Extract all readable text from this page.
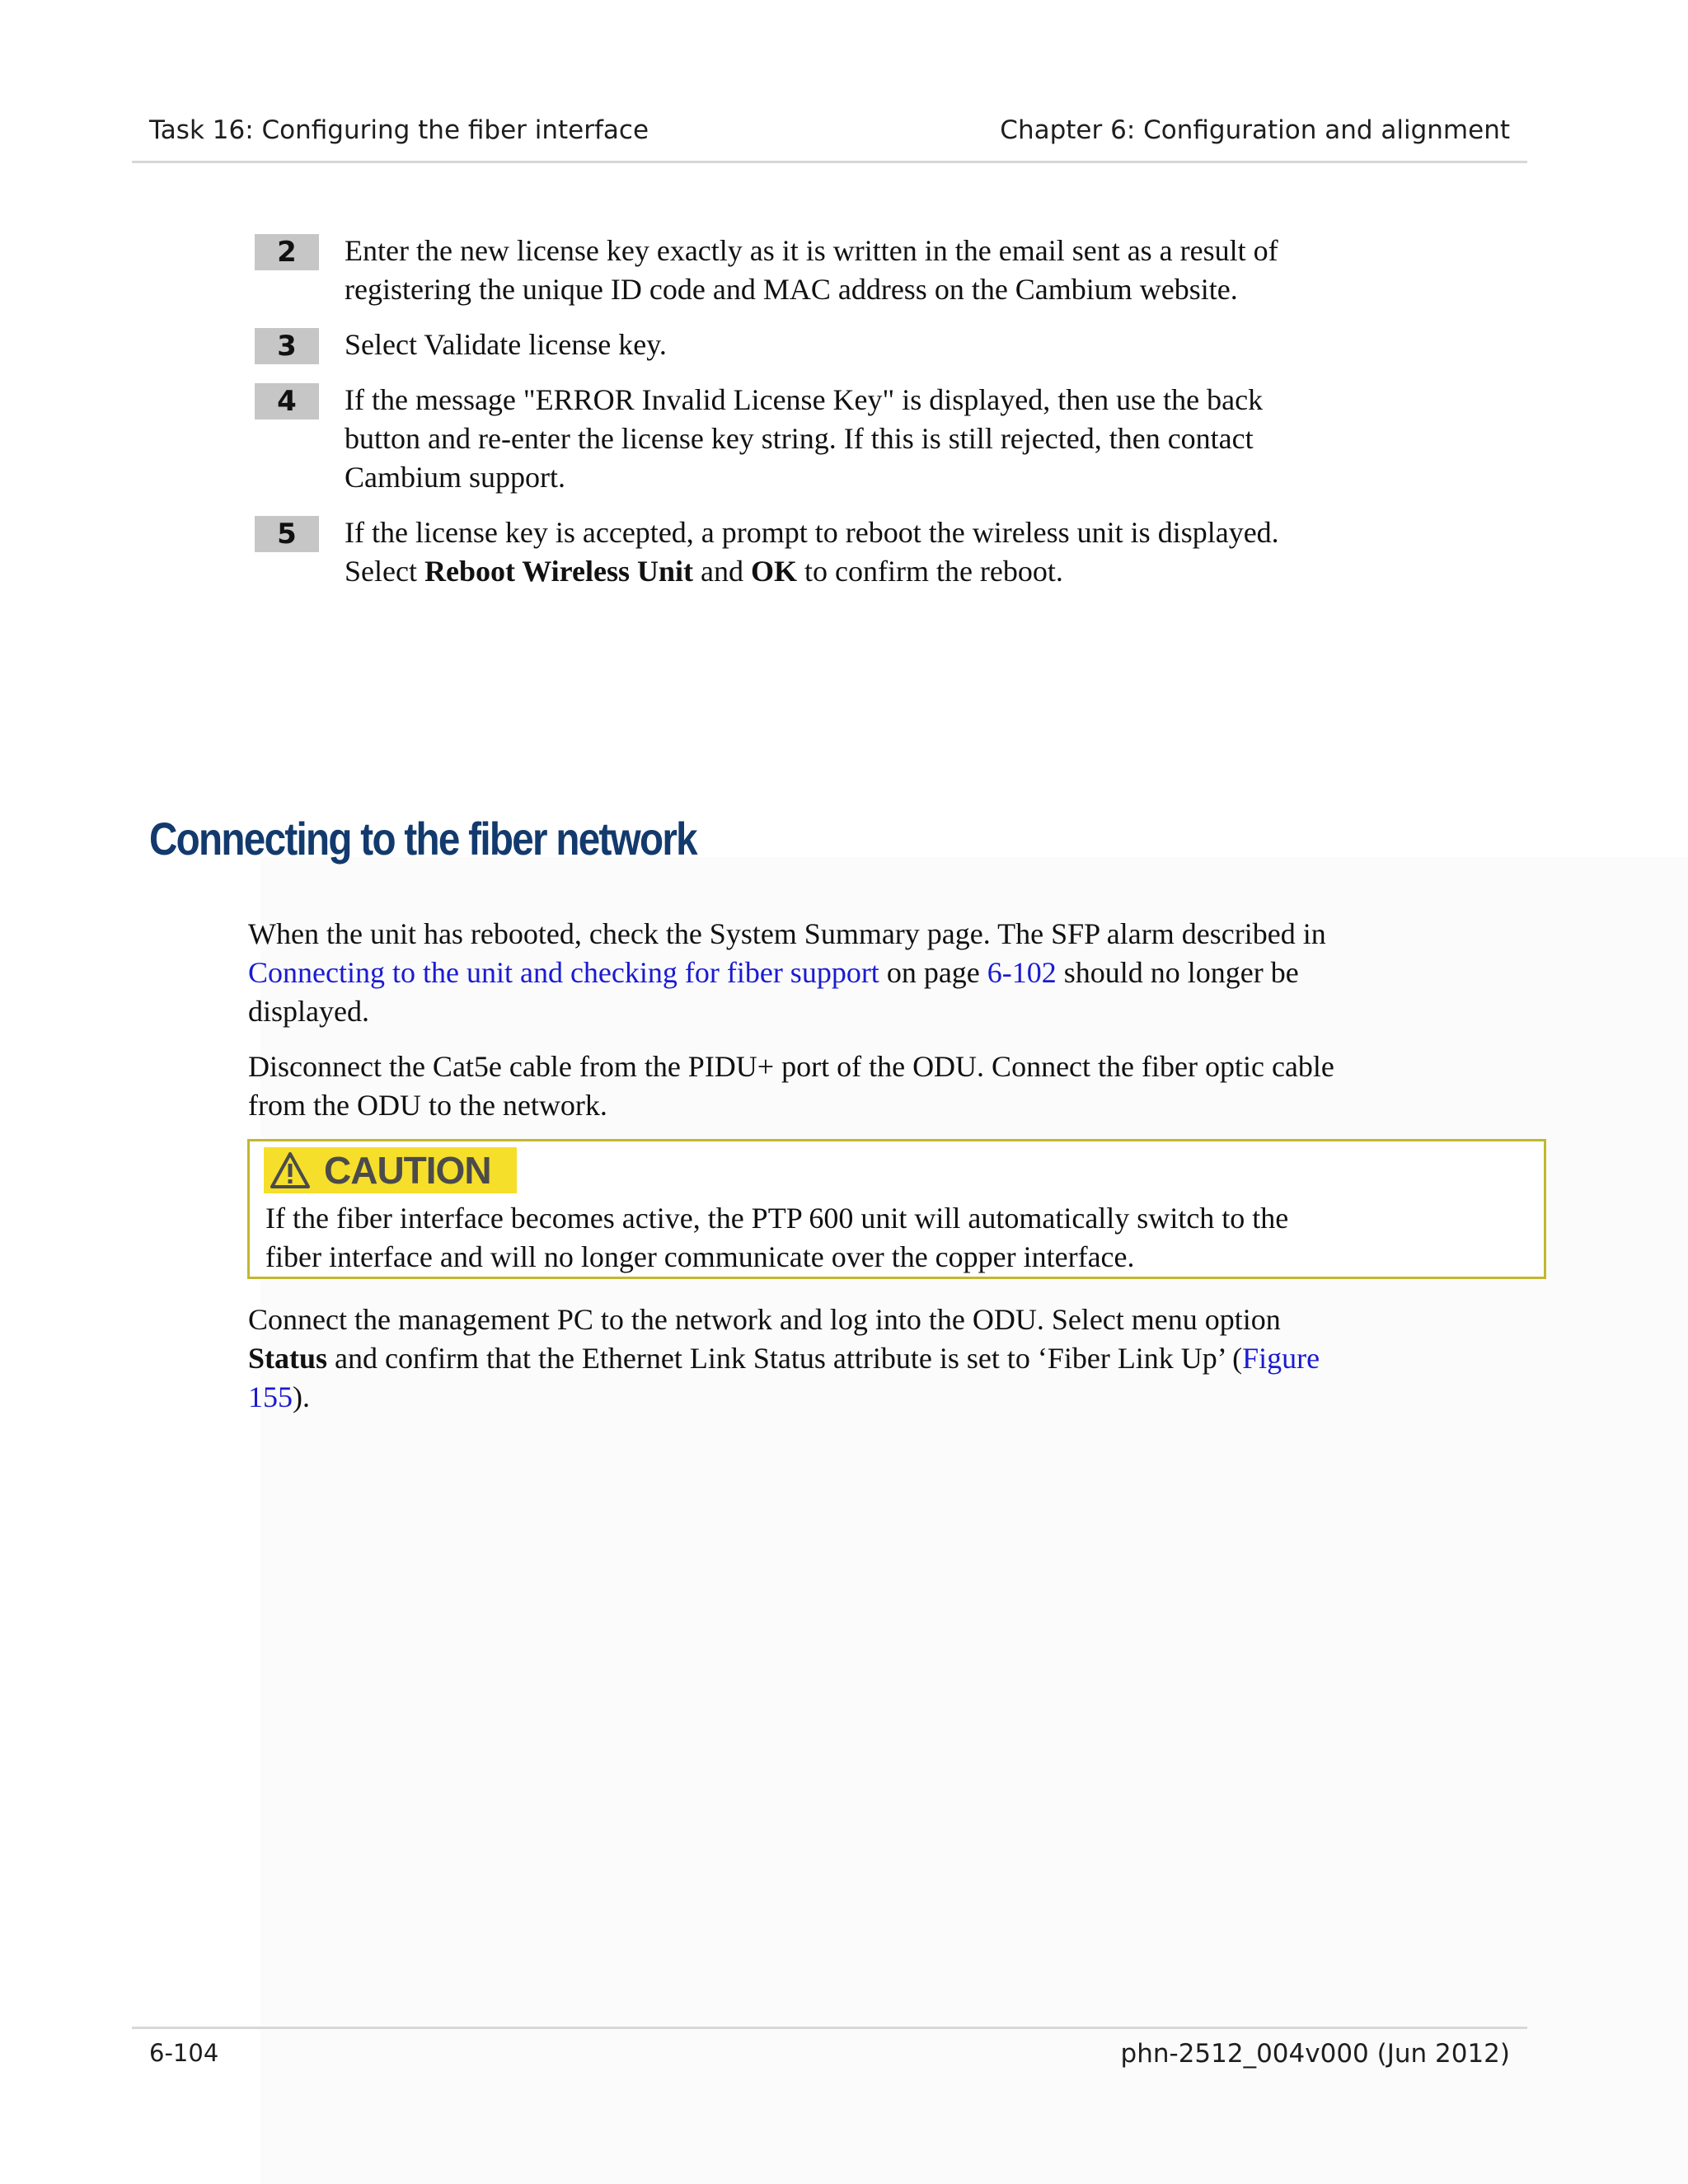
Task 16: Configuring the fiber interface	Chapter 6: Configuration and alignment
2	Enter the new license key exactly as it is written in the email sent as a result of
registering the unique ID code and MAC address on the Cambium website.
3	Select Validate license key.
4	If the message "ERROR Invalid License Key" is displayed, then use the back
button and re-enter the license key string. If this is still rejected, then contact
Cambium support.
5	If the license key is accepted, a prompt to reboot the wireless unit is displayed.
Select Reboot Wireless Unit and OK to confirm the reboot.
Connecting to the fiber network
When the unit has rebooted, check the System Summary page. The SFP alarm described in
Connecting to the unit and checking for fiber support on page 6-102 should no longer be
displayed.
Disconnect the Cat5e cable from the PIDU+ port of the ODU. Connect the fiber optic cable
from the ODU to the network.
CAUTION
If the fiber interface becomes active, the PTP 600 unit will automatically switch to the
fiber interface and will no longer communicate over the copper interface.
Connect the management PC to the network and log into the ODU. Select menu option
Status and confirm that the Ethernet Link Status attribute is set to ‘Fiber Link Up’ (Figure
155).
6-104	phn-2512_004v000 (Jun 2012)
